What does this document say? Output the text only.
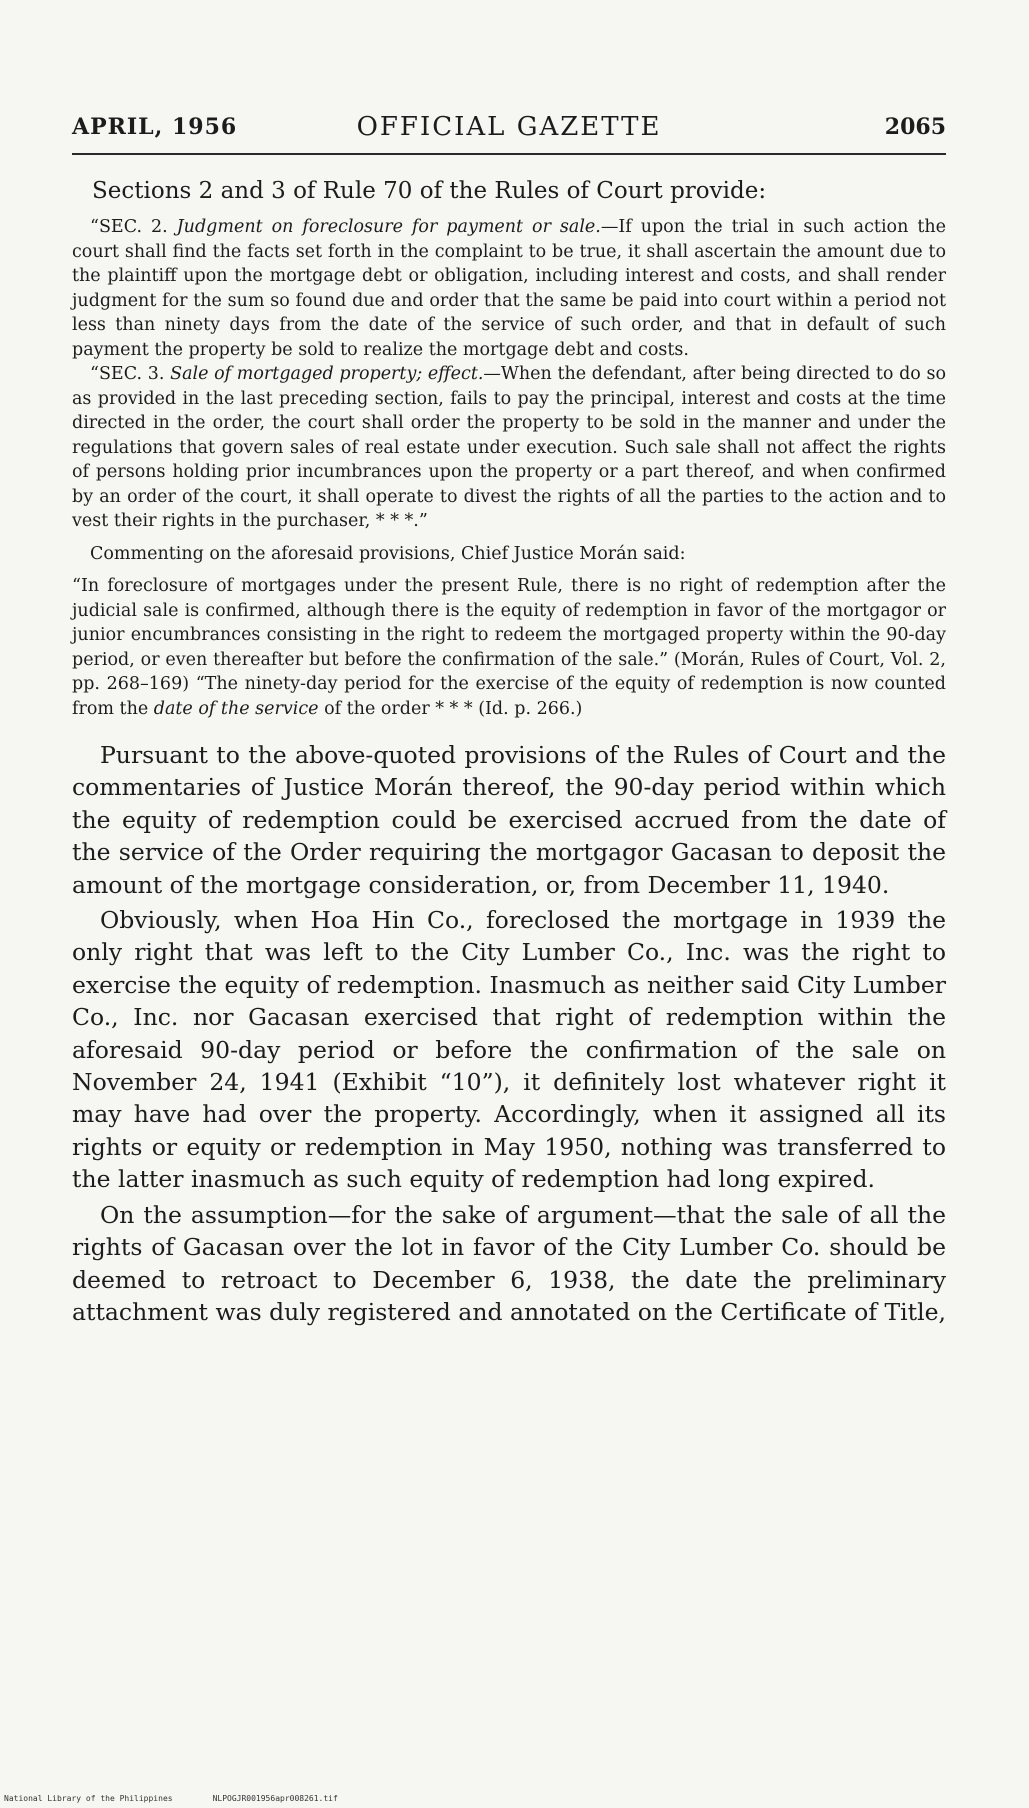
APRIL, 1956	OFFICIAL GAZETTE	2065

Sections 2 and 3 of Rule 70 of the Rules of Court provide:

“SEC. 2. Judgment on foreclosure for payment or sale.—If upon the trial in such action the court shall find the facts set forth in the complaint to be true, it shall ascertain the amount due to the plaintiff upon the mortgage debt or obligation, including interest and costs, and shall render judgment for the sum so found due and order that the same be paid into court within a period not less than ninety days from the date of the service of such order, and that in default of such payment the property be sold to realize the mortgage debt and costs.

“SEC. 3. Sale of mortgaged property; effect.—When the defendant, after being directed to do so as provided in the last preceding section, fails to pay the principal, interest and costs at the time directed in the order, the court shall order the property to be sold in the manner and under the regulations that govern sales of real estate under execution. Such sale shall not affect the rights of persons holding prior incumbrances upon the property or a part thereof, and when confirmed by an order of the court, it shall operate to divest the rights of all the parties to the action and to vest their rights in the purchaser, * * *.”

Commenting on the aforesaid provisions, Chief Justice Morán said:

“In foreclosure of mortgages under the present Rule, there is no right of redemption after the judicial sale is confirmed, although there is the equity of redemption in favor of the mortgagor or junior encumbrances consisting in the right to redeem the mortgaged property within the 90-day period, or even thereafter but before the confirmation of the sale.” (Morán, Rules of Court, Vol. 2, pp. 268–169) “The ninety-day period for the exercise of the equity of redemption is now counted from the date of the service of the order * * * (Id. p. 266.)

Pursuant to the above-quoted provisions of the Rules of Court and the commentaries of Justice Morán thereof, the 90-day period within which the equity of redemption could be exercised accrued from the date of the service of the Order requiring the mortgagor Gacasan to deposit the amount of the mortgage consideration, or, from December 11, 1940.

Obviously, when Hoa Hin Co., foreclosed the mortgage in 1939 the only right that was left to the City Lumber Co., Inc. was the right to exercise the equity of redemption. Inasmuch as neither said City Lumber Co., Inc. nor Gacasan exercised that right of redemption within the aforesaid 90-day period or before the confirmation of the sale on November 24, 1941 (Exhibit “10”), it definitely lost whatever right it may have had over the property. Accordingly, when it assigned all its rights or equity or redemption in May 1950, nothing was transferred to the latter inasmuch as such equity of redemption had long expired.

On the assumption—for the sake of argument—that the sale of all the rights of Gacasan over the lot in favor of the City Lumber Co. should be deemed to retroact to December 6, 1938, the date the preliminary attachment was duly registered and annotated on the Certificate of Title,

National Library of the Philippines	NLPOGJR001956apr008261.tif
